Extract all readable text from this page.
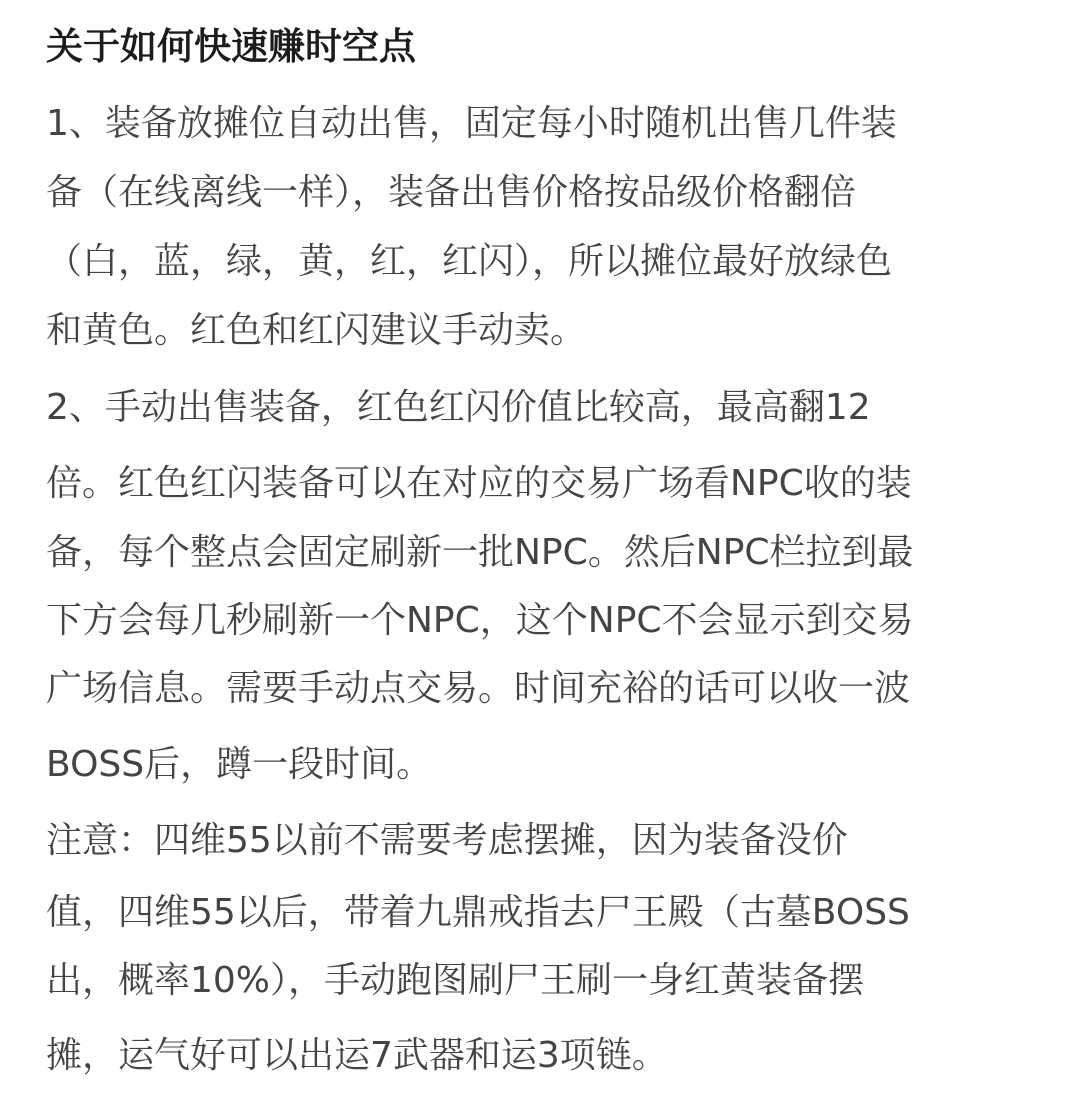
关于如何快速赚时空点
1、装备放摊位自动出售，固定每小时随机出售几件装
备（在线离线一样），装备出售价格按品级价格翻倍
（白，蓝，绿，黄，红，红闪），所以摊位最好放绿色
和黄色。红色和红闪建议手动卖。
2、手动出售装备，红色红闪价值比较高，最高翻12
倍。红色红闪装备可以在对应的交易广场看NPC收的装
备，每个整点会固定刷新一批NPC。然后NPC栏拉到最
下方会每几秒刷新一个NPC，这个NPC不会显示到交易
广场信息。需要手动点交易。时间充裕的话可以收一波
BOSS后，蹲一段时间。
注意：四维55以前不需要考虑摆摊，因为装备没价
值，四维55以后，带着九鼎戒指去尸王殿（古墓BOSS
出，概率10%），手动跑图刷尸王刷一身红黄装备摆
摊，运气好可以出运7武器和运3项链。
